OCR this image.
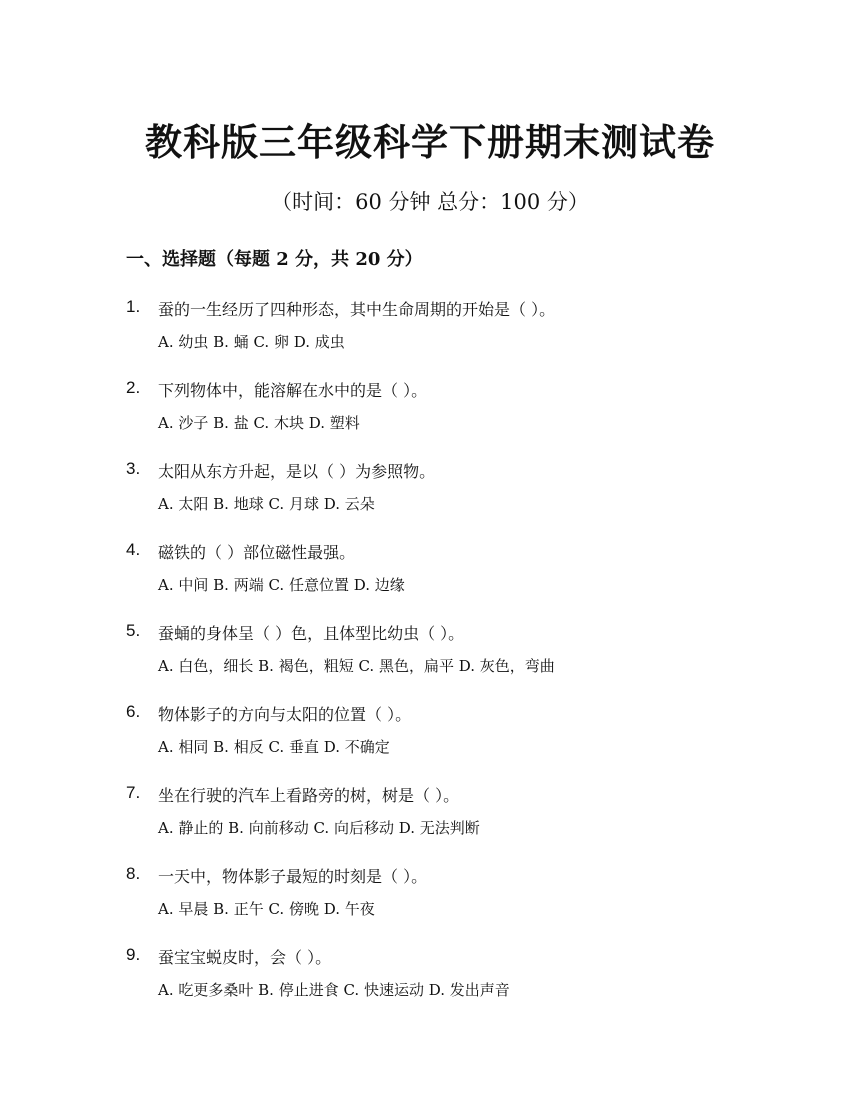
教科版三年级科学下册期末测试卷
（时间：60 分钟 总分：100 分）
一、选择题（每题 2 分，共 20 分）
1. 蚕的一生经历了四种形态，其中生命周期的开始是（ ）。
A. 幼虫 B. 蛹 C. 卵 D. 成虫
2. 下列物体中，能溶解在水中的是（ ）。
A. 沙子 B. 盐 C. 木块 D. 塑料
3. 太阳从东方升起，是以（ ）为参照物。
A. 太阳 B. 地球 C. 月球 D. 云朵
4. 磁铁的（ ）部位磁性最强。
A. 中间 B. 两端 C. 任意位置 D. 边缘
5. 蚕蛹的身体呈（ ）色，且体型比幼虫（ ）。
A. 白色，细长 B. 褐色，粗短 C. 黑色，扁平 D. 灰色，弯曲
6. 物体影子的方向与太阳的位置（ ）。
A. 相同 B. 相反 C. 垂直 D. 不确定
7. 坐在行驶的汽车上看路旁的树，树是（ ）。
A. 静止的 B. 向前移动 C. 向后移动 D. 无法判断
8. 一天中，物体影子最短的时刻是（ ）。
A. 早晨 B. 正午 C. 傍晚 D. 午夜
9. 蚕宝宝蜕皮时，会（ ）。
A. 吃更多桑叶 B. 停止进食 C. 快速运动 D. 发出声音
